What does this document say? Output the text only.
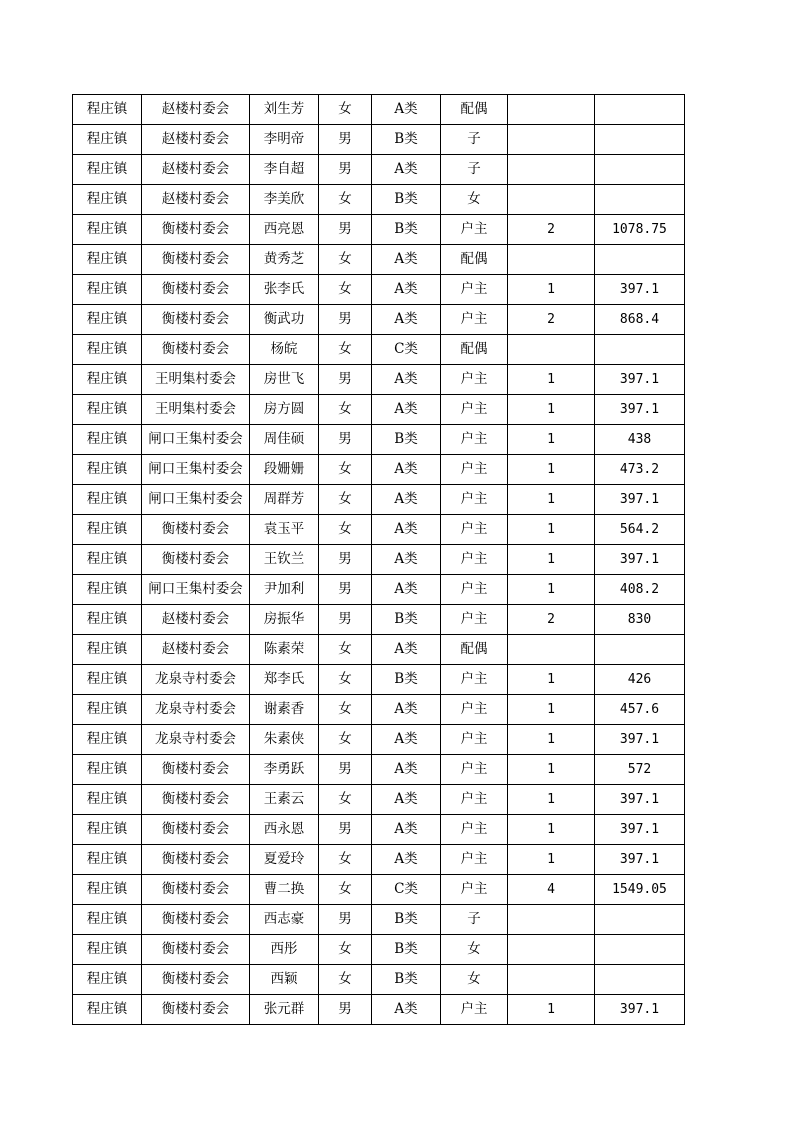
程庄镇	赵楼村委会	刘生芳	女	A类	配偶		
程庄镇	赵楼村委会	李明帝	男	B类	子		
程庄镇	赵楼村委会	李自超	男	A类	子		
程庄镇	赵楼村委会	李美欣	女	B类	女		
程庄镇	衡楼村委会	西亮恩	男	B类	户主	2	1078.75
程庄镇	衡楼村委会	黄秀芝	女	A类	配偶		
程庄镇	衡楼村委会	张李氏	女	A类	户主	1	397.1
程庄镇	衡楼村委会	衡武功	男	A类	户主	2	868.4
程庄镇	衡楼村委会	杨皖	女	C类	配偶		
程庄镇	王明集村委会	房世飞	男	A类	户主	1	397.1
程庄镇	王明集村委会	房方圆	女	A类	户主	1	397.1
程庄镇	闸口王集村委会	周佳硕	男	B类	户主	1	438
程庄镇	闸口王集村委会	段姗姗	女	A类	户主	1	473.2
程庄镇	闸口王集村委会	周群芳	女	A类	户主	1	397.1
程庄镇	衡楼村委会	袁玉平	女	A类	户主	1	564.2
程庄镇	衡楼村委会	王钦兰	男	A类	户主	1	397.1
程庄镇	闸口王集村委会	尹加利	男	A类	户主	1	408.2
程庄镇	赵楼村委会	房振华	男	B类	户主	2	830
程庄镇	赵楼村委会	陈素荣	女	A类	配偶		
程庄镇	龙泉寺村委会	郑李氏	女	B类	户主	1	426
程庄镇	龙泉寺村委会	谢素香	女	A类	户主	1	457.6
程庄镇	龙泉寺村委会	朱素侠	女	A类	户主	1	397.1
程庄镇	衡楼村委会	李勇跃	男	A类	户主	1	572
程庄镇	衡楼村委会	王素云	女	A类	户主	1	397.1
程庄镇	衡楼村委会	西永恩	男	A类	户主	1	397.1
程庄镇	衡楼村委会	夏爱玲	女	A类	户主	1	397.1
程庄镇	衡楼村委会	曹二换	女	C类	户主	4	1549.05
程庄镇	衡楼村委会	西志豪	男	B类	子		
程庄镇	衡楼村委会	西彤	女	B类	女		
程庄镇	衡楼村委会	西颖	女	B类	女		
程庄镇	衡楼村委会	张元群	男	A类	户主	1	397.1
